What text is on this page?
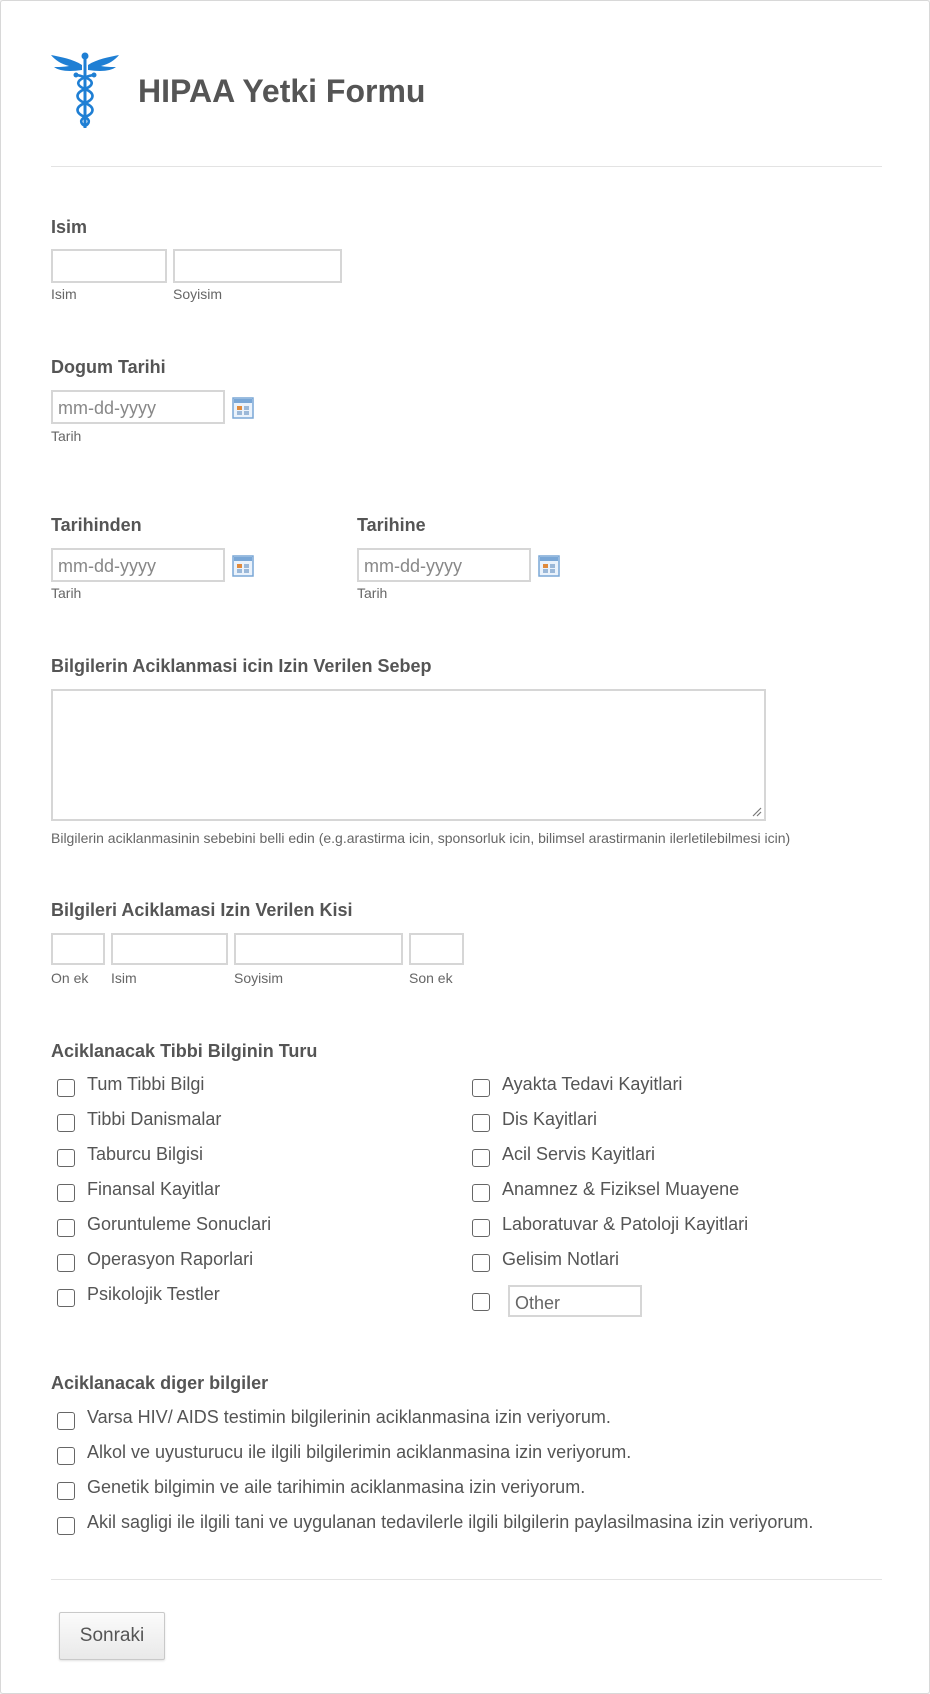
HIPAA Yetki Formu
Isim
Isim	Soyisim
Dogum Tarihi
mm-dd-yyyy
Tarih
Tarihinden
mm-dd-yyyy
Tarih
Tarihine
mm-dd-yyyy
Tarih
Bilgilerin Aciklanmasi icin Izin Verilen Sebep
Bilgilerin aciklanmasinin sebebini belli edin (e.g.arastirma icin, sponsorluk icin, bilimsel arastirmanin ilerletilebilmesi icin)
Bilgileri Aciklamasi Izin Verilen Kisi
On ek Isim	Soyisim	Son ek
Aciklanacak Tibbi Bilginin Turu
Tum Tibbi Bilgi
Tibbi Danismalar
Taburcu Bilgisi
Finansal Kayitlar
Goruntuleme Sonuclari
Operasyon Raporlari
Psikolojik Testler
Ayakta Tedavi Kayitlari
Dis Kayitlari
Acil Servis Kayitlari
Anamnez & Fiziksel Muayene
Laboratuvar & Patoloji Kayitlari
Gelisim Notlari
Other
Aciklanacak diger bilgiler
Varsa HIV/ AIDS testimin bilgilerinin aciklanmasina izin veriyorum.
Alkol ve uyusturucu ile ilgili bilgilerimin aciklanmasina izin veriyorum.
Genetik bilgimin ve aile tarihimin aciklanmasina izin veriyorum.
Akil sagligi ile ilgili tani ve uygulanan tedavilerle ilgili bilgilerin paylasilmasina izin veriyorum.
Sonraki
